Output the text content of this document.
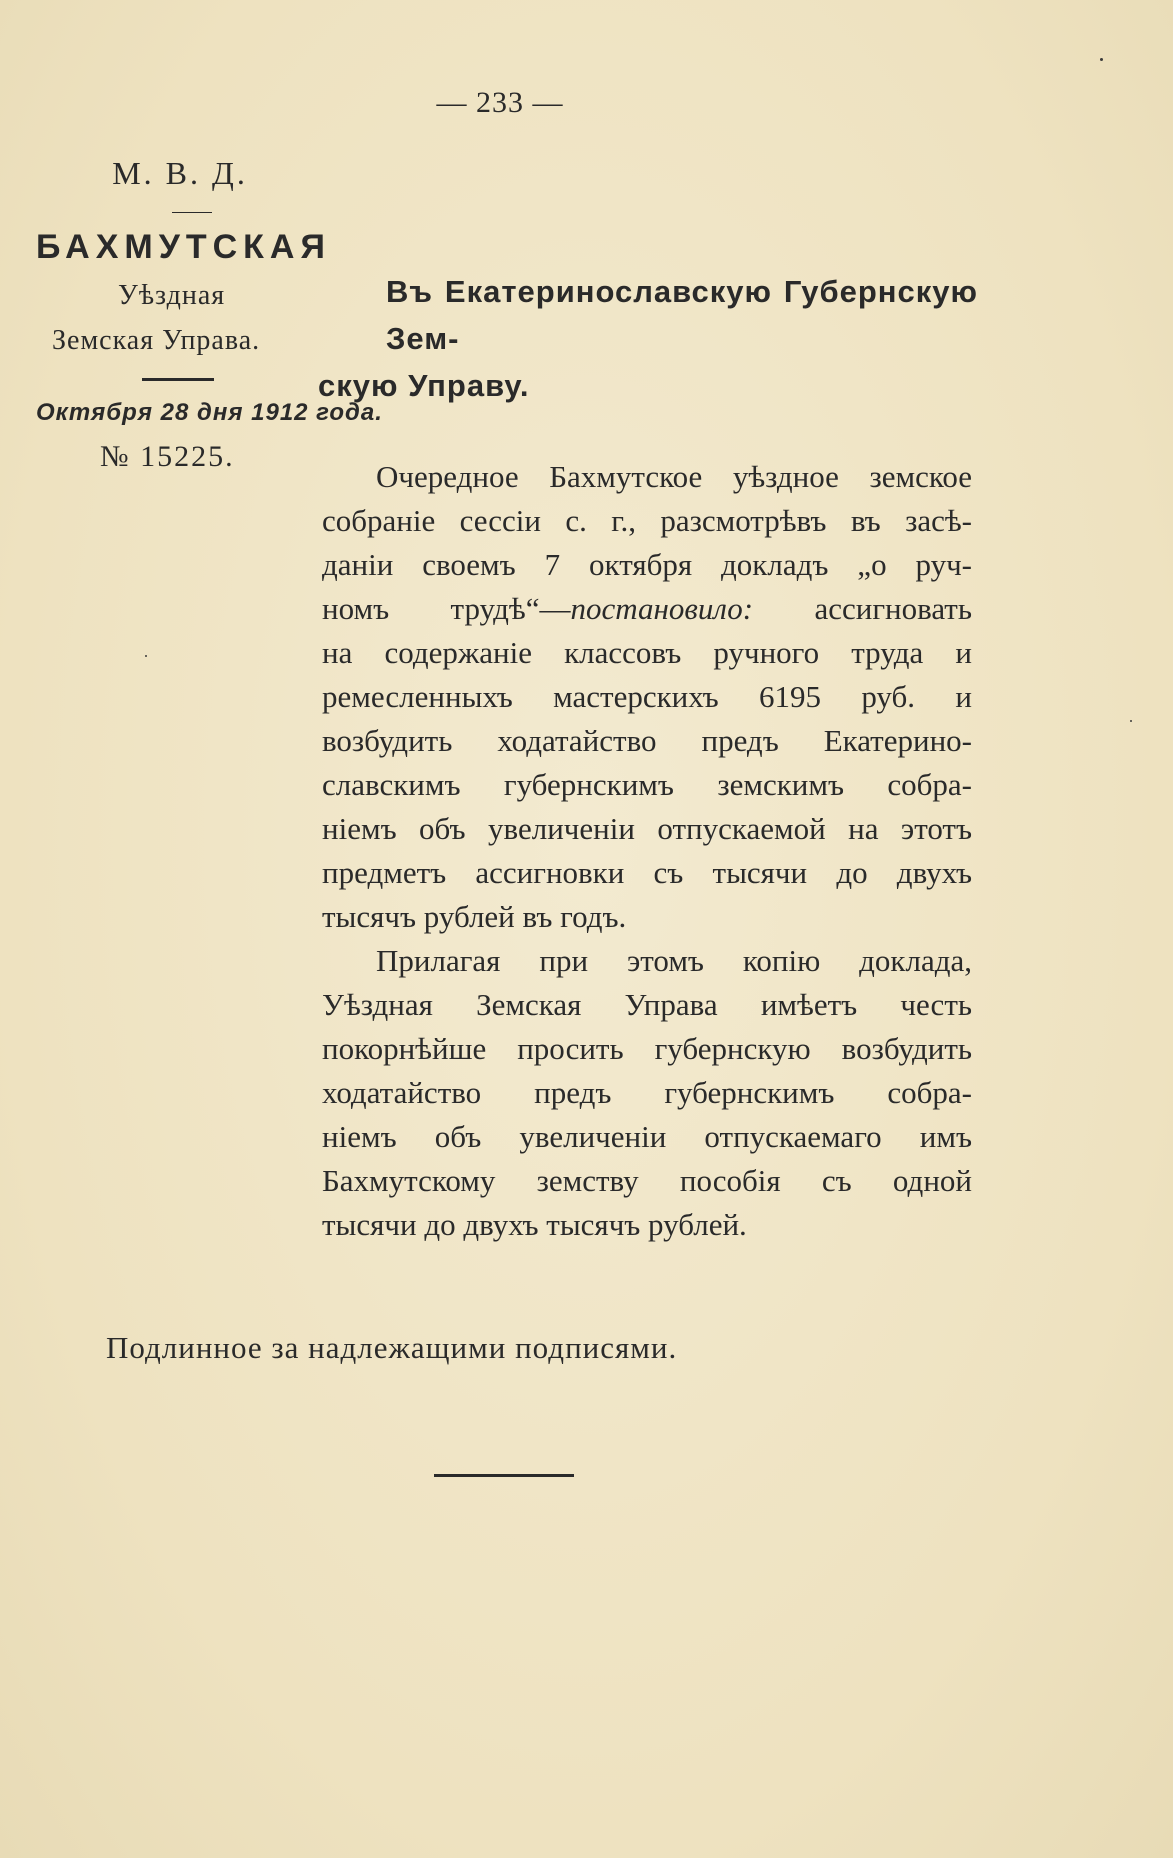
— 233 —
М. В. Д.
БАХМУТСКАЯ
Уѣздная
Земская Управа.
Октября 28 дня 1912 года.
№ 15225.
Въ Екатеринославскую Губернскую Зем-
скую Управу.
Очередное Бахмутское уѣздное земское
собраніе сессіи с. г., разсмотрѣвъ въ засѣ-
даніи своемъ 7 октября докладъ „о руч-
номъ трудѣ“—постановило: ассигновать
на содержаніе классовъ ручного труда и
ремесленныхъ мастерскихъ 6195 руб. и
возбудить ходатайство предъ Екатерино-
славскимъ губернскимъ земскимъ собра-
ніемъ объ увеличеніи отпускаемой на этотъ
предметъ ассигновки съ тысячи до двухъ
тысячъ рублей въ годъ.
Прилагая при этомъ копію доклада,
Уѣздная Земская Управа имѣетъ честь
покорнѣйше просить губернскую возбудить
ходатайство предъ губернскимъ собра-
ніемъ объ увеличеніи отпускаемаго имъ
Бахмутскому земству пособія съ одной
тысячи до двухъ тысячъ рублей.
Подлинное за надлежащими подписями.
